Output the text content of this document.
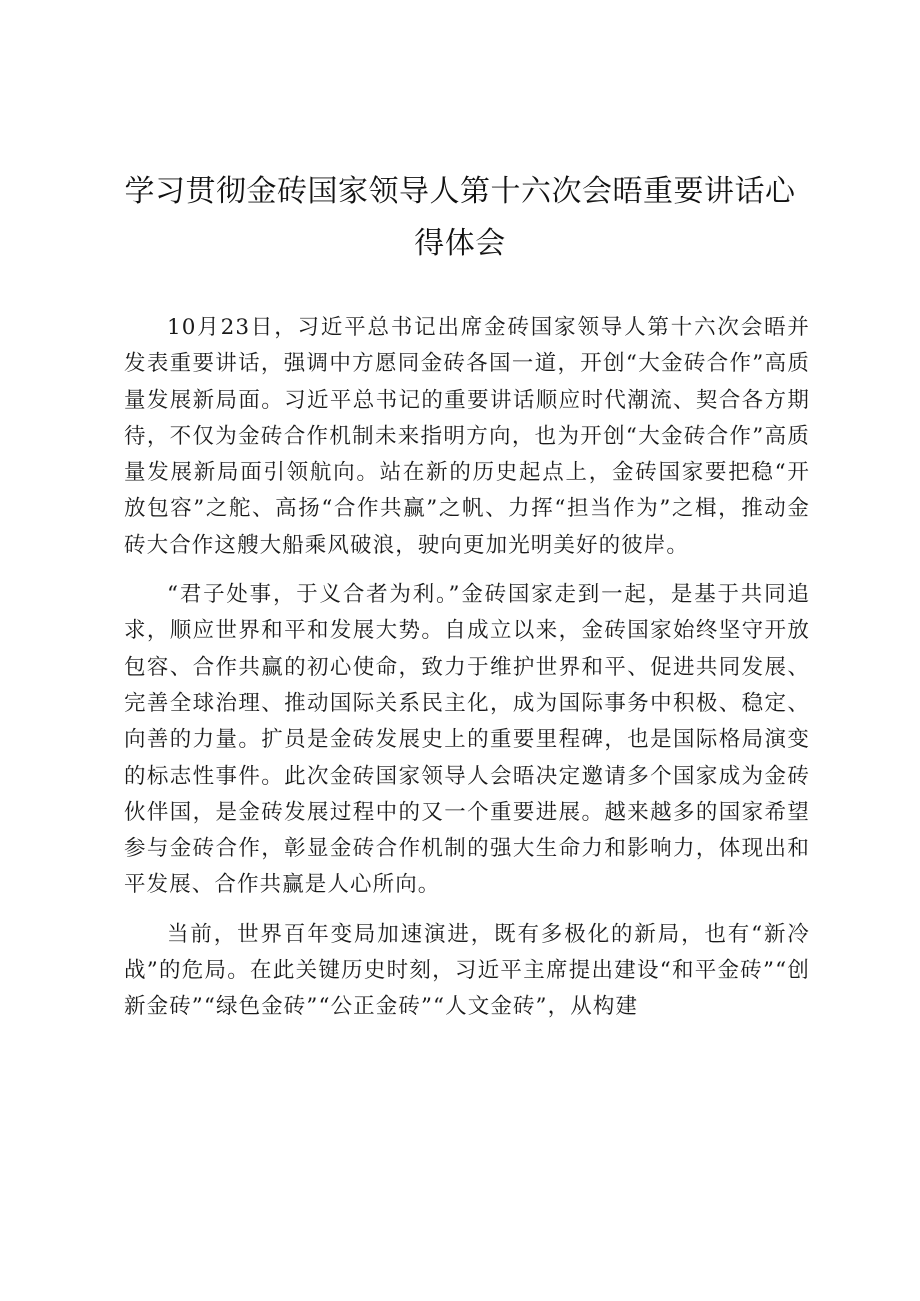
学习贯彻金砖国家领导人第十六次会晤重要讲话心得体会

10月23日，习近平总书记出席金砖国家领导人第十六次会晤并发表重要讲话，强调中方愿同金砖各国一道，开创“大金砖合作”高质量发展新局面。习近平总书记的重要讲话顺应时代潮流、契合各方期待，不仅为金砖合作机制未来指明方向，也为开创“大金砖合作”高质量发展新局面引领航向。站在新的历史起点上，金砖国家要把稳“开放包容”之舵、高扬“合作共赢”之帆、力挥“担当作为”之楫，推动金砖大合作这艘大船乘风破浪，驶向更加光明美好的彼岸。

“君子处事，于义合者为利。”金砖国家走到一起，是基于共同追求，顺应世界和平和发展大势。自成立以来，金砖国家始终坚守开放包容、合作共赢的初心使命，致力于维护世界和平、促进共同发展、完善全球治理、推动国际关系民主化，成为国际事务中积极、稳定、向善的力量。扩员是金砖发展史上的重要里程碑，也是国际格局演变的标志性事件。此次金砖国家领导人会晤决定邀请多个国家成为金砖伙伴国，是金砖发展过程中的又一个重要进展。越来越多的国家希望参与金砖合作，彰显金砖合作机制的强大生命力和影响力，体现出和平发展、合作共赢是人心所向。

当前，世界百年变局加速演进，既有多极化的新局，也有“新冷战”的危局。在此关键历史时刻，习近平主席提出建设“和平金砖”“创新金砖”“绿色金砖”“公正金砖”“人文金砖”，从构建
